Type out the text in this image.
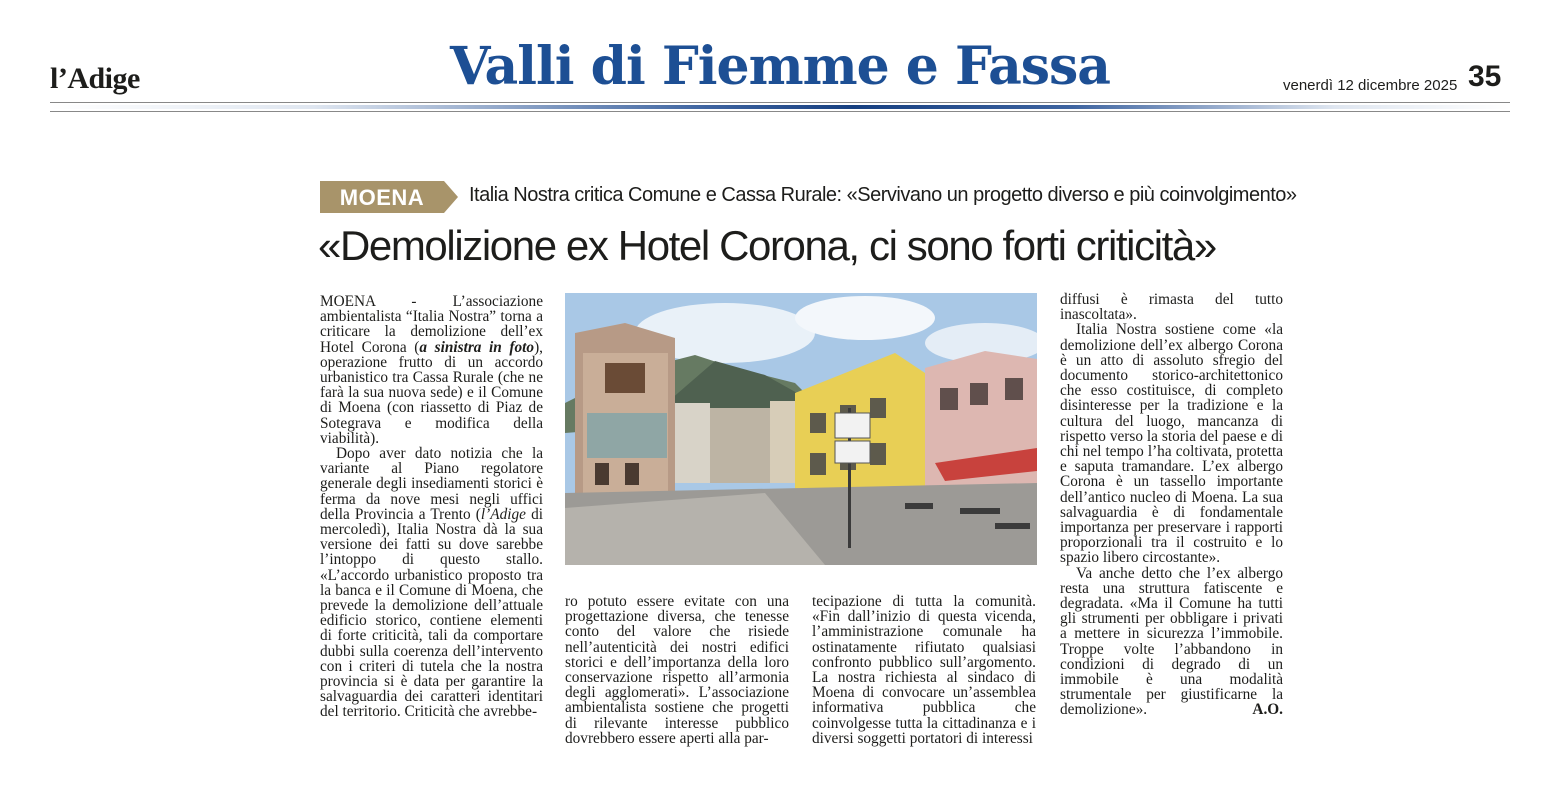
l’Adige	Valli di Fiemme e Fassa	venerdì 12 dicembre 2025 35
MOENA	Italia Nostra critica Comune e Cassa Rurale: «Servivano un progetto diverso e più coinvolgimento»
«Demolizione ex Hotel Corona, ci sono forti criticità»

MOENA - L’associazione ambientalista “Italia Nostra” torna a criticare la demolizione dell’ex Hotel Corona (a sinistra in foto), operazione frutto di un accordo urbanistico tra Cassa Rurale (che ne farà la sua nuova sede) e il Comune di Moena (con riassetto di Piaz de Sotegrava e modifica della viabilità).

Dopo aver dato notizia che la variante al Piano regolatore generale degli insediamenti storici è ferma da nove mesi negli uffici della Provincia a Trento (l’Adige di mercoledì), Italia Nostra dà la sua versione dei fatti su dove sarebbe l’intoppo di questo stallo. «L’accordo urbanistico proposto tra la banca e il Comune di Moena, che prevede la demolizione dell’attuale edificio storico, contiene elementi di forte criticità, tali da comportare dubbi sulla coerenza dell’intervento con i criteri di tutela che la nostra provincia si è data per garantire la salvaguardia dei caratteri identitari del territorio. Criticità che avrebbe-

ro potuto essere evitate con una progettazione diversa, che tenesse conto del valore che risiede nell’autenticità dei nostri edifici storici e dell’importanza della loro conservazione rispetto all’armonia degli agglomerati». L’associazione ambientalista sostiene che progetti di rilevante interesse pubblico dovrebbero essere aperti alla par-

tecipazione di tutta la comunità. «Fin dall’inizio di questa vicenda, l’amministrazione comunale ha ostinatamente rifiutato qualsiasi confronto pubblico sull’argomento. La nostra richiesta al sindaco di Moena di convocare un’assemblea informativa pubblica che coinvolgesse tutta la cittadinanza e i diversi soggetti portatori di interessi

diffusi è rimasta del tutto inascoltata».

Italia Nostra sostiene come «la demolizione dell’ex albergo Corona è un atto di assoluto sfregio del documento storico-architettonico che esso costituisce, di completo disinteresse per la tradizione e la cultura del luogo, mancanza di rispetto verso la storia del paese e di chi nel tempo l’ha coltivata, protetta e saputa tramandare. L’ex albergo Corona è un tassello importante dell’antico nucleo di Moena. La sua salvaguardia è di fondamentale importanza per preservare i rapporti proporzionali tra il costruito e lo spazio libero circostante».

Va anche detto che l’ex albergo resta una struttura fatiscente e degradata. «Ma il Comune ha tutti gli strumenti per obbligare i privati a mettere in sicurezza l’immobile. Troppe volte l’abbandono in condizioni di degrado di un immobile è una modalità strumentale per giustificarne la demolizione».	A.O.
